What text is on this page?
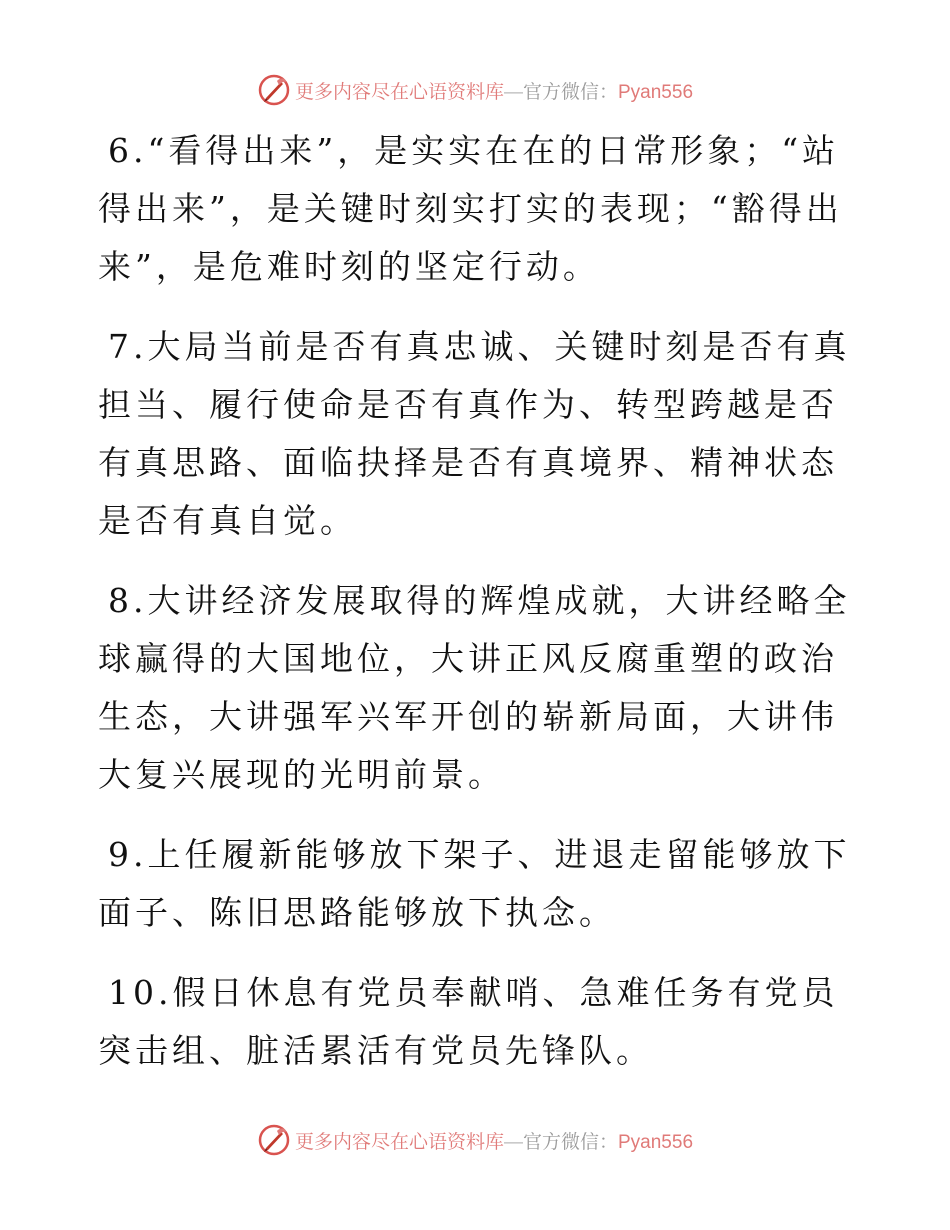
更多内容尽在心语资料库—官方微信：Pyan556

6.“看得出来”，是实实在在的日常形象；“站得出来”，是关键时刻实打实的表现；“豁得出来”，是危难时刻的坚定行动。

7.大局当前是否有真忠诚、关键时刻是否有真担当、履行使命是否有真作为、转型跨越是否有真思路、面临抉择是否有真境界、精神状态是否有真自觉。

8.大讲经济发展取得的辉煌成就，大讲经略全球赢得的大国地位，大讲正风反腐重塑的政治生态，大讲强军兴军开创的崭新局面，大讲伟大复兴展现的光明前景。

9.上任履新能够放下架子、进退走留能够放下面子、陈旧思路能够放下执念。

10.假日休息有党员奉献哨、急难任务有党员突击组、脏活累活有党员先锋队。

更多内容尽在心语资料库—官方微信：Pyan556
